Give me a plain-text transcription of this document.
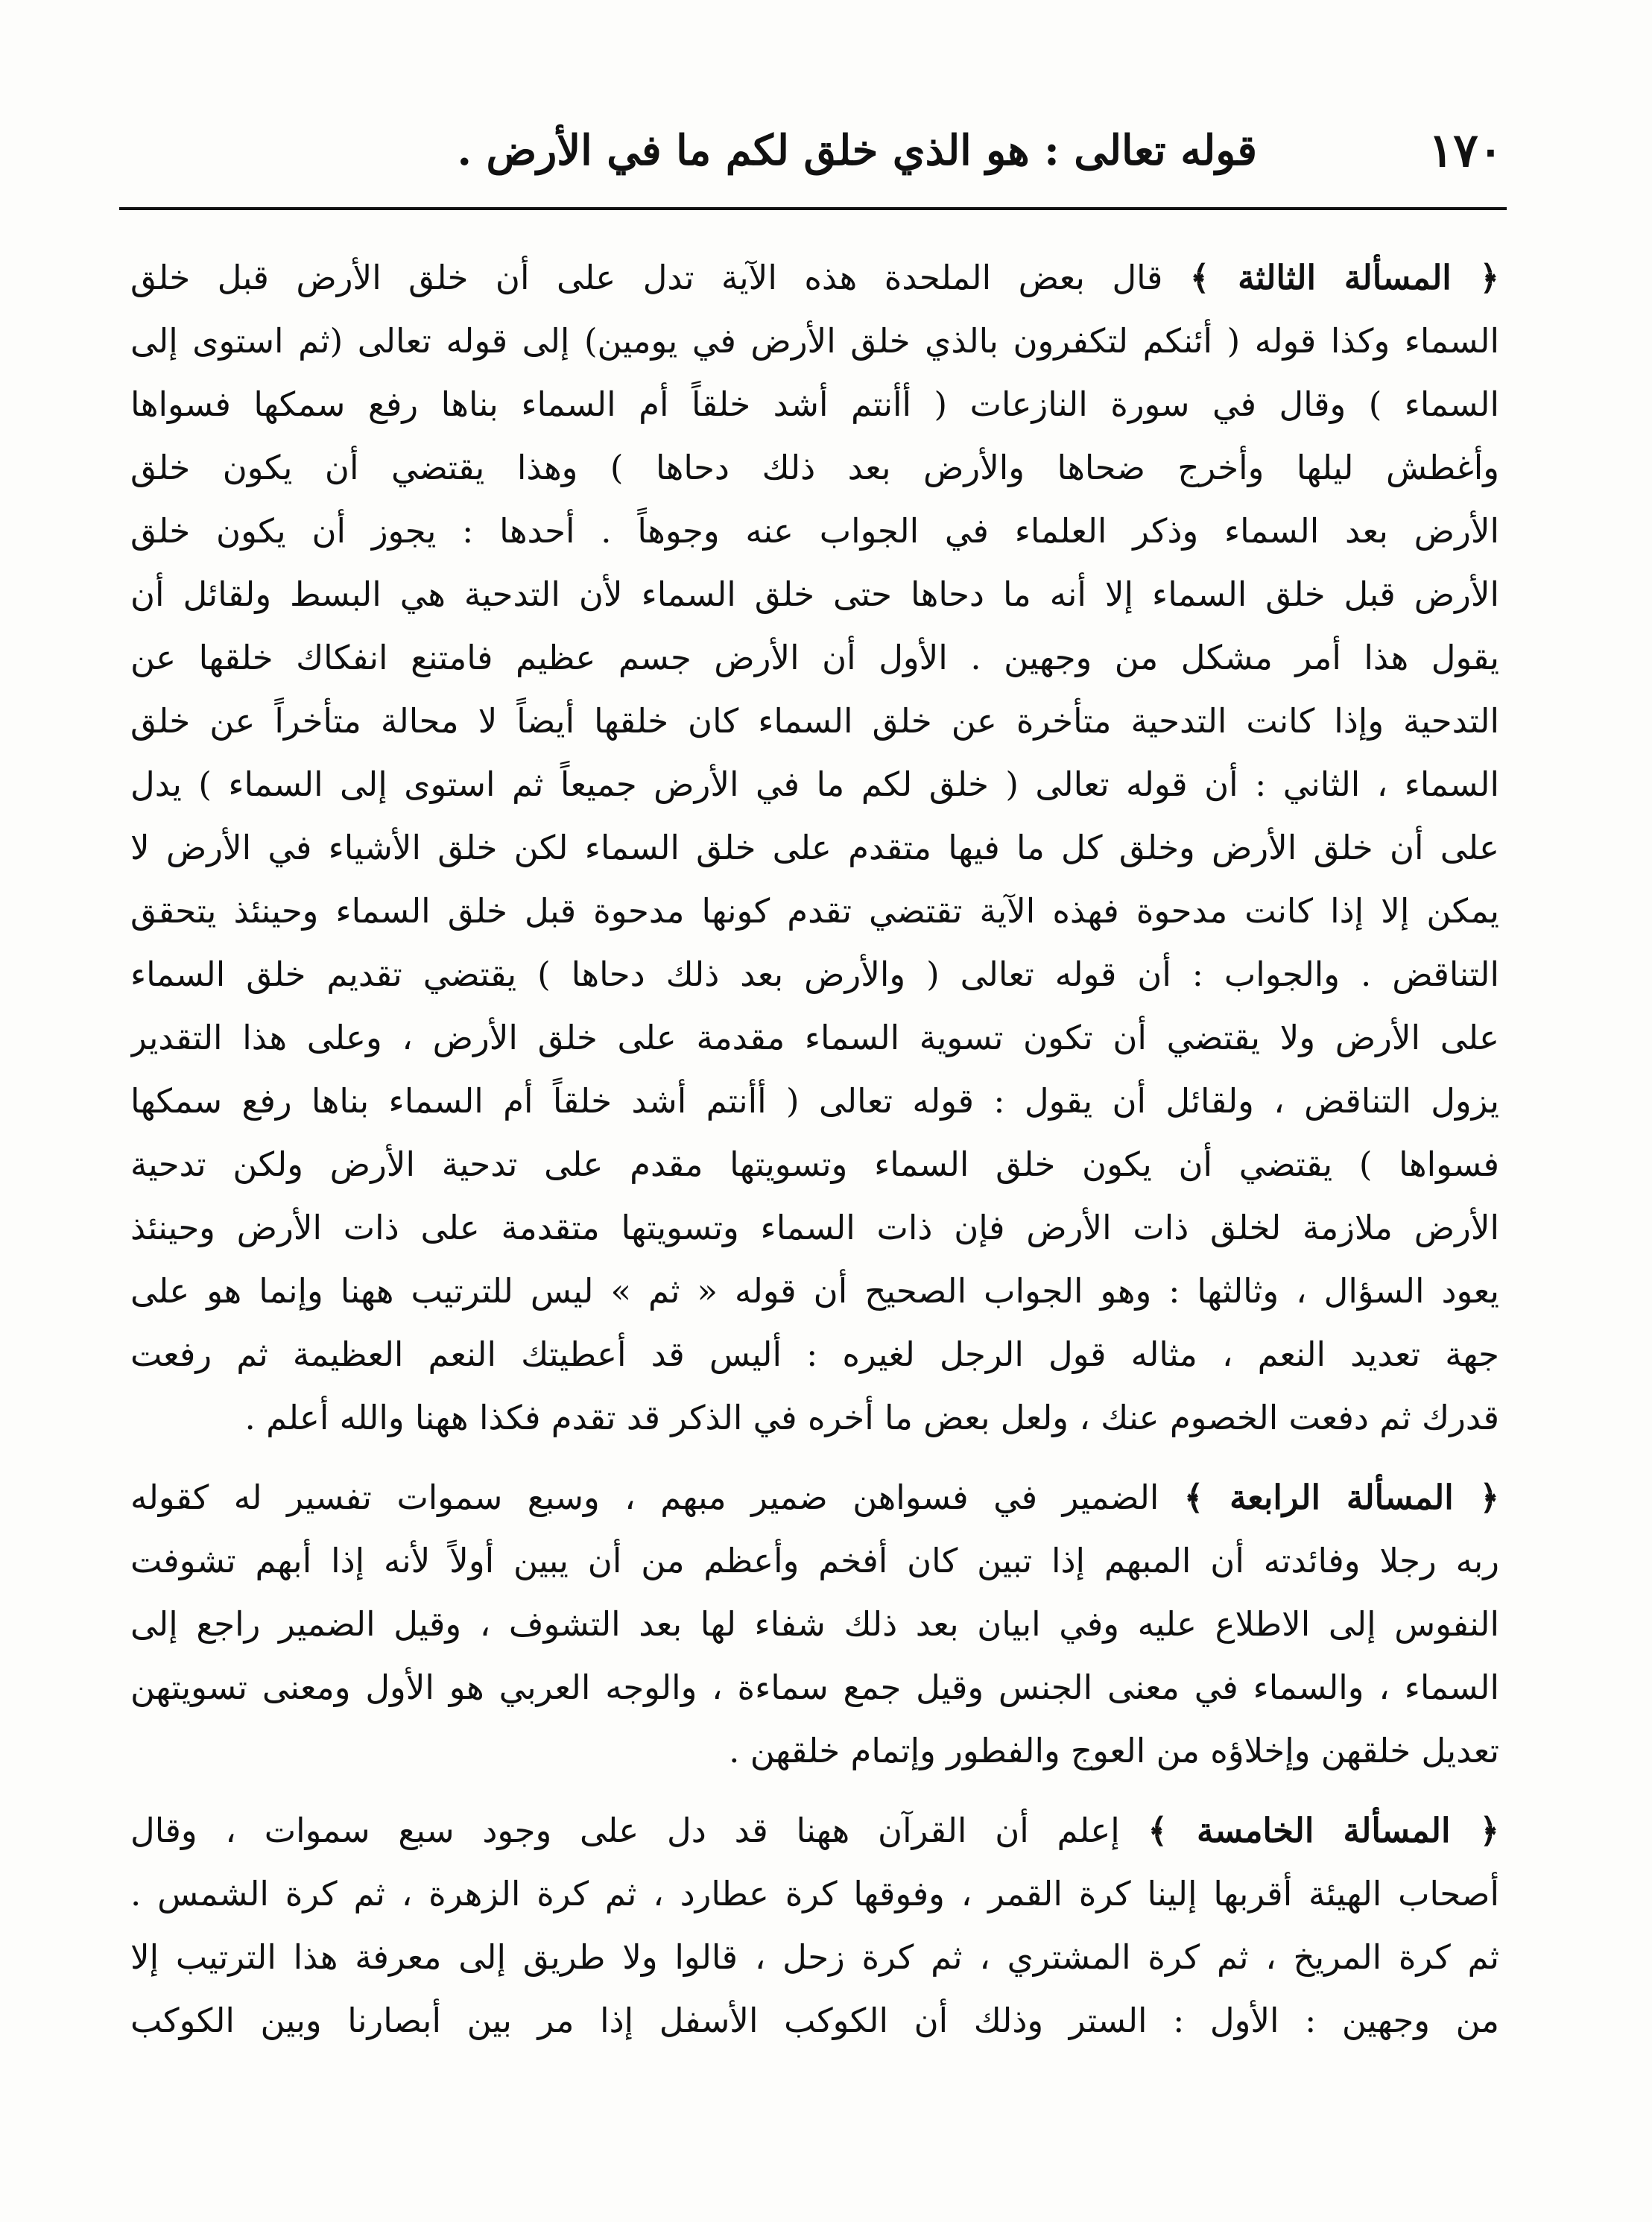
١٧٠
قوله تعالى : هو الذي خلق لكم ما في الأرض .

﴿ المسألة الثالثة ﴾ قال بعض الملحدة هذه الآية تدل على أن خلق الأرض قبل خلق
السماء وكذا قوله ( أئنكم لتكفرون بالذي خلق الأرض في يومين) إلى قوله تعالى (ثم استوى إلى
السماء ) وقال في سورة النازعات ( أأنتم أشد خلقاً أم السماء بناها رفع سمكها فسواها
وأغطش ليلها وأخرج ضحاها والأرض بعد ذلك دحاها ) وهذا يقتضي أن يكون خلق
الأرض بعد السماء وذكر العلماء في الجواب عنه وجوهاً . أحدها : يجوز أن يكون خلق
الأرض قبل خلق السماء إلا أنه ما دحاها حتى خلق السماء لأن التدحية هي البسط ولقائل أن
يقول هذا أمر مشكل من وجهين . الأول أن الأرض جسم عظيم فامتنع انفكاك خلقها عن
التدحية وإذا كانت التدحية متأخرة عن خلق السماء كان خلقها أيضاً لا محالة متأخراً عن خلق
السماء ، الثاني : أن قوله تعالى ( خلق لكم ما في الأرض جميعاً ثم استوى إلى السماء ) يدل
على أن خلق الأرض وخلق كل ما فيها متقدم على خلق السماء لكن خلق الأشياء في الأرض لا
يمكن إلا إذا كانت مدحوة فهذه الآية تقتضي تقدم كونها مدحوة قبل خلق السماء وحينئذ يتحقق
التناقض . والجواب : أن قوله تعالى ( والأرض بعد ذلك دحاها ) يقتضي تقديم خلق السماء
على الأرض ولا يقتضي أن تكون تسوية السماء مقدمة على خلق الأرض ، وعلى هذا التقدير
يزول التناقض ، ولقائل أن يقول : قوله تعالى ( أأنتم أشد خلقاً أم السماء بناها رفع سمكها
فسواها ) يقتضي أن يكون خلق السماء وتسويتها مقدم على تدحية الأرض ولكن تدحية
الأرض ملازمة لخلق ذات الأرض فإن ذات السماء وتسويتها متقدمة على ذات الأرض وحينئذ
يعود السؤال ، وثالثها : وهو الجواب الصحيح أن قوله « ثم » ليس للترتيب ههنا وإنما هو على
جهة تعديد النعم ، مثاله قول الرجل لغيره : أليس قد أعطيتك النعم العظيمة ثم رفعت
قدرك ثم دفعت الخصوم عنك ، ولعل بعض ما أخره في الذكر قد تقدم فكذا ههنا والله أعلم .

﴿ المسألة الرابعة ﴾ الضمير في فسواهن ضمير مبهم ، وسبع سموات تفسير له كقوله
ربه رجلا وفائدته أن المبهم إذا تبين كان أفخم وأعظم من أن يبين أولاً لأنه إذا أبهم تشوفت
النفوس إلى الاطلاع عليه وفي ابيان بعد ذلك شفاء لها بعد التشوف ، وقيل الضمير راجع إلى
السماء ، والسماء في معنى الجنس وقيل جمع سماءة ، والوجه العربي هو الأول ومعنى تسويتهن
تعديل خلقهن وإخلاؤه من العوج والفطور وإتمام خلقهن .

﴿ المسألة الخامسة ﴾ إعلم أن القرآن ههنا قد دل على وجود سبع سموات ، وقال
أصحاب الهيئة أقربها إلينا كرة القمر ، وفوقها كرة عطارد ، ثم كرة الزهرة ، ثم كرة الشمس .
ثم كرة المريخ ، ثم كرة المشتري ، ثم كرة زحل ، قالوا ولا طريق إلى معرفة هذا الترتيب إلا
من وجهين : الأول : الستر وذلك أن الكوكب الأسفل إذا مر بين أبصارنا وبين الكوكب
